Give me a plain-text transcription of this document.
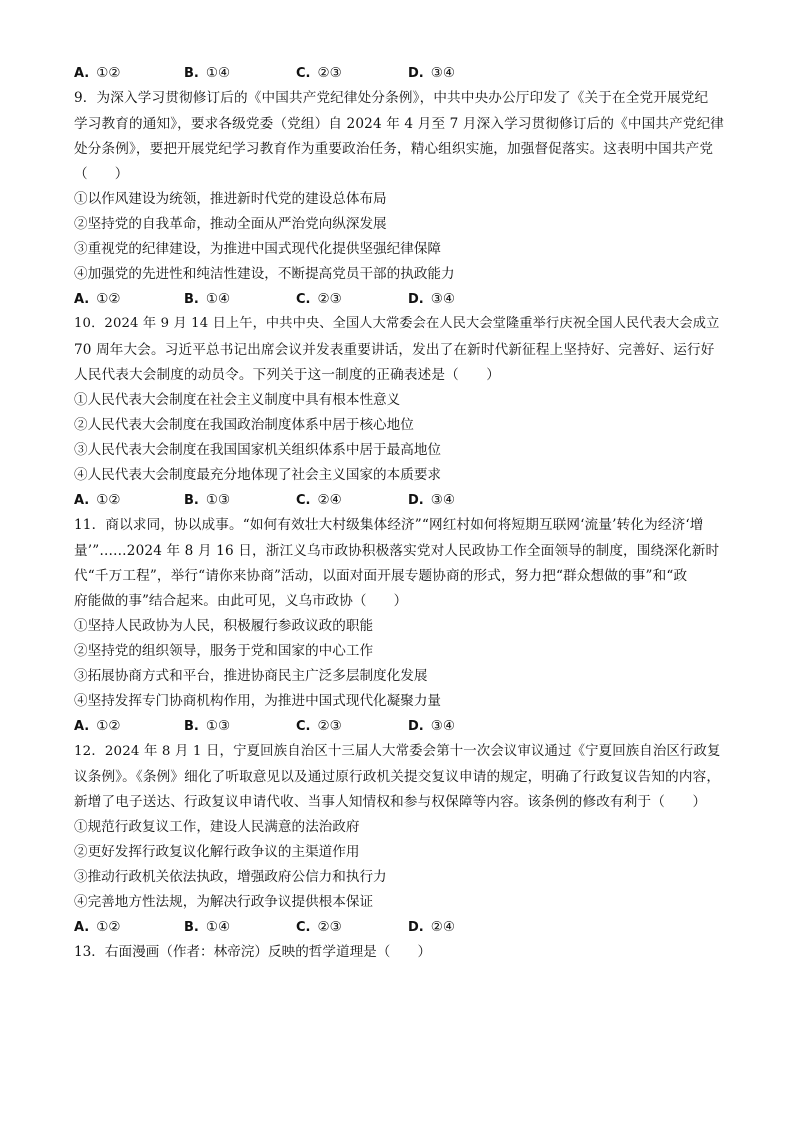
A. ①②	B. ①④	C. ②③	D. ③④
9．为深入学习贯彻修订后的《中国共产党纪律处分条例》，中共中央办公厅印发了《关于在全党开展党纪
学习教育的通知》，要求各级党委（党组）自 2024 年 4 月至 7 月深入学习贯彻修订后的《中国共产党纪律
处分条例》，要把开展党纪学习教育作为重要政治任务，精心组织实施，加强督促落实。这表明中国共产党
（　　）
①以作风建设为统领，推进新时代党的建设总体布局
②坚持党的自我革命，推动全面从严治党向纵深发展
③重视党的纪律建设，为推进中国式现代化提供坚强纪律保障
④加强党的先进性和纯洁性建设，不断提高党员干部的执政能力
A. ①②	B. ①④	C. ②③	D. ③④
10．2024 年 9 月 14 日上午，中共中央、全国人大常委会在人民大会堂隆重举行庆祝全国人民代表大会成立
70 周年大会。习近平总书记出席会议并发表重要讲话，发出了在新时代新征程上坚持好、完善好、运行好
人民代表大会制度的动员令。下列关于这一制度的正确表述是（　　）
①人民代表大会制度在社会主义制度中具有根本性意义
②人民代表大会制度在我国政治制度体系中居于核心地位
③人民代表大会制度在我国国家机关组织体系中居于最高地位
④人民代表大会制度最充分地体现了社会主义国家的本质要求
A. ①②	B. ①③	C. ②④	D. ③④
11．商以求同，协以成事。“如何有效壮大村级集体经济”“网红村如何将短期互联网‘流量’转化为经济‘增
量’”……2024 年 8 月 16 日，浙江义乌市政协积极落实党对人民政协工作全面领导的制度，围绕深化新时
代“千万工程”，举行“请你来协商”活动，以面对面开展专题协商的形式，努力把“群众想做的事”和“政
府能做的事”结合起来。由此可见，义乌市政协（　　）
①坚持人民政协为人民，积极履行参政议政的职能
②坚持党的组织领导，服务于党和国家的中心工作
③拓展协商方式和平台，推进协商民主广泛多层制度化发展
④坚持发挥专门协商机构作用，为推进中国式现代化凝聚力量
A. ①②	B. ①③	C. ②③	D. ③④
12．2024 年 8 月 1 日，宁夏回族自治区十三届人大常委会第十一次会议审议通过《宁夏回族自治区行政复
议条例》。《条例》细化了听取意见以及通过原行政机关提交复议申请的规定，明确了行政复议告知的内容，
新增了电子送达、行政复议申请代收、当事人知情权和参与权保障等内容。该条例的修改有利于（　　）
①规范行政复议工作，建设人民满意的法治政府
②更好发挥行政复议化解行政争议的主渠道作用
③推动行政机关依法执政，增强政府公信力和执行力
④完善地方性法规，为解决行政争议提供根本保证
A. ①②	B. ①④	C. ②③	D. ②④
13．右面漫画（作者：林帝浣）反映的哲学道理是（　　）
